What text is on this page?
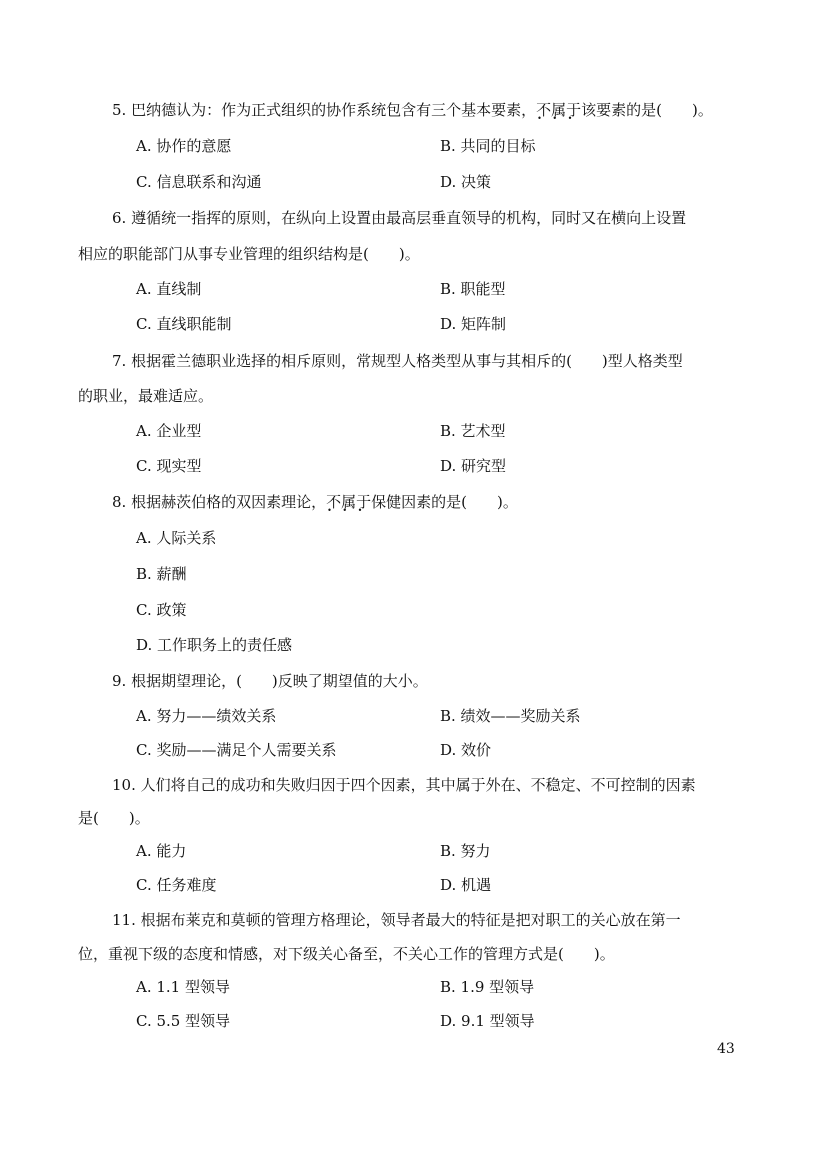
5. 巴纳德认为：作为正式组织的协作系统包含有三个基本要素，不属于 • • •该要素的是(　　)。
A. 协作的意愿	B. 共同的目标
C. 信息联系和沟通	D. 决策
6. 遵循统一指挥的原则，在纵向上设置由最高层垂直领导的机构，同时又在横向上设置
相应的职能部门从事专业管理的组织结构是(　　)。
A. 直线制	B. 职能型
C. 直线职能制	D. 矩阵制
7. 根据霍兰德职业选择的相斥原则，常规型人格类型从事与其相斥的(　　)型人格类型
的职业，最难适应。
A. 企业型	B. 艺术型
C. 现实型	D. 研究型
8. 根据赫茨伯格的双因素理论，不属于 • • •保健因素的是(　　)。
A. 人际关系
B. 薪酬
C. 政策
D. 工作职务上的责任感
9. 根据期望理论，(　　)反映了期望值的大小。
A. 努力——绩效关系	B. 绩效——奖励关系
C. 奖励——满足个人需要关系	D. 效价
10. 人们将自己的成功和失败归因于四个因素，其中属于外在、不稳定、不可控制的因素
是(　　)。
A. 能力	B. 努力
C. 任务难度	D. 机遇
11. 根据布莱克和莫顿的管理方格理论，领导者最大的特征是把对职工的关心放在第一
位，重视下级的态度和情感，对下级关心备至，不关心工作的管理方式是(　　)。
A. 1.1 型领导	B. 1.9 型领导
C. 5.5 型领导	D. 9.1 型领导
43
